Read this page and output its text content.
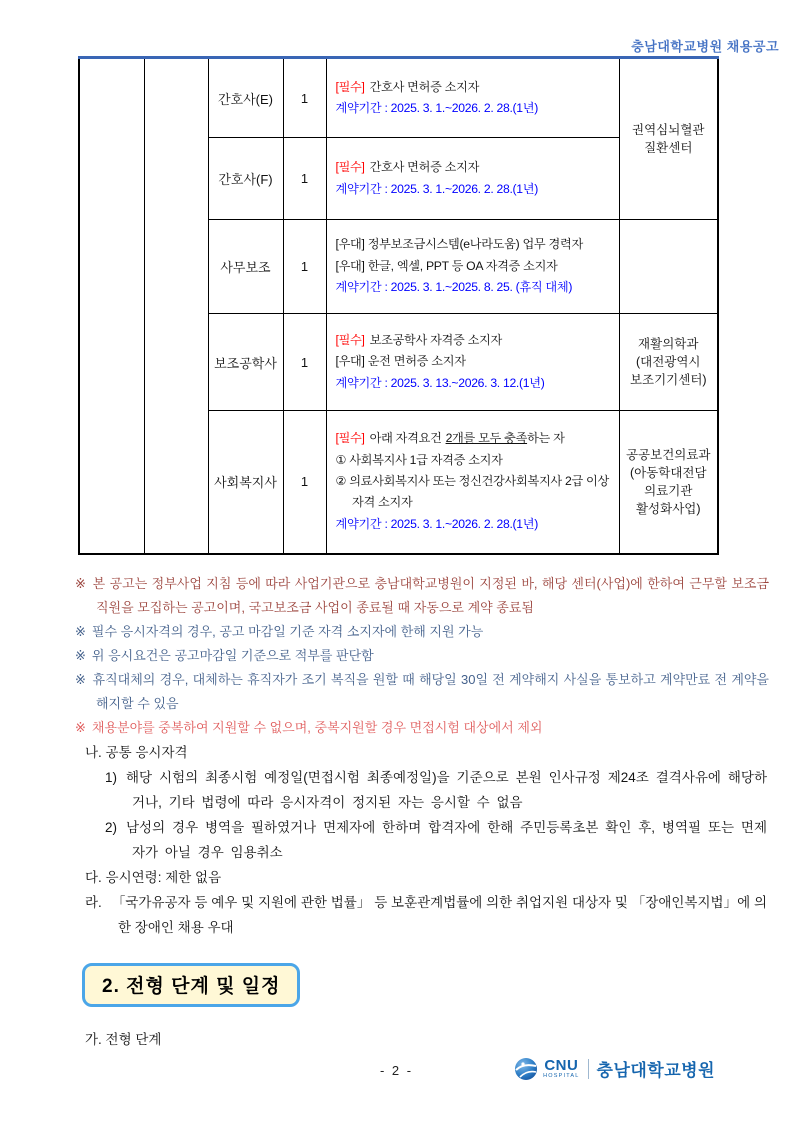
충남대학교병원 채용공고
		간호사(E)	1	[필수] 간호사 면허증 소지자
계약기간 : 2025. 3. 1.~2026. 2. 28.(1년)	권역심뇌혈관
질환센터

		간호사(F)	1	[필수] 간호사 면허증 소지자
계약기간 : 2025. 3. 1.~2026. 2. 28.(1년)	

		사무보조	1	[우대] 정부보조금시스템(e나라도움) 업무 경력자
[우대] 한글, 엑셀, PPT 등 OA 자격증 소지자
계약기간 : 2025. 3. 1.~2025. 8. 25. (휴직 대체)	

		보조공학사	1	[필수] 보조공학사 자격증 소지자
[우대] 운전 면허증 소지자
계약기간 : 2025. 3. 13.~2026. 3. 12.(1년)	재활의학과
(대전광역시
보조기기센터)

		사회복지사	1	[필수] 아래 자격요건 2개를 모두 충족하는 자
① 사회복지사 1급 자격증 소지자
② 의료사회복지사 또는 정신건강사회복지사 2급 이상 자격 소지자
계약기간 : 2025. 3. 1.~2026. 2. 28.(1년)	공공보건의료과
(아동학대전담
의료기관
활성화사업)
※ 본 공고는 정부사업 지침 등에 따라 사업기관으로 충남대학교병원이 지정된 바, 해당 센터(사업)에 한하여 근무할 보조금직원을 모집하는 공고이며, 국고보조금 사업이 종료될 때 자동으로 계약 종료됨
※ 필수 응시자격의 경우, 공고 마감일 기준 자격 소지자에 한해 지원 가능
※ 위 응시요건은 공고마감일 기준으로 적부를 판단함
※ 휴직대체의 경우, 대체하는 휴직자가 조기 복직을 원할 때 해당일 30일 전 계약해지 사실을 통보하고 계약만료 전 계약을 해지할 수 있음
※ 채용분야를 중복하여 지원할 수 없으며, 중복지원할 경우 면접시험 대상에서 제외
나. 공통 응시자격
1) 해당 시험의 최종시험 예정일(면접시험 최종예정일)을 기준으로 본원 인사규정 제24조 결격사유에 해당하거나, 기타 법령에 따라 응시자격이 정지된 자는 응시할 수 없음
2) 남성의 경우 병역을 필하였거나 면제자에 한하며 합격자에 한해 주민등록초본 확인 후, 병역필 또는 면제자가 아닐 경우 임용취소
다. 응시연령: 제한 없음
라. 「국가유공자 등 예우 및 지원에 관한 법률」 등 보훈관계법률에 의한 취업지원 대상자 및 「장애인복지법」에 의한 장애인 채용 우대
2. 전형 단계 및 일정
가. 전형 단계
- 2 -	CNU
HOSPITAL 충남대학교병원
